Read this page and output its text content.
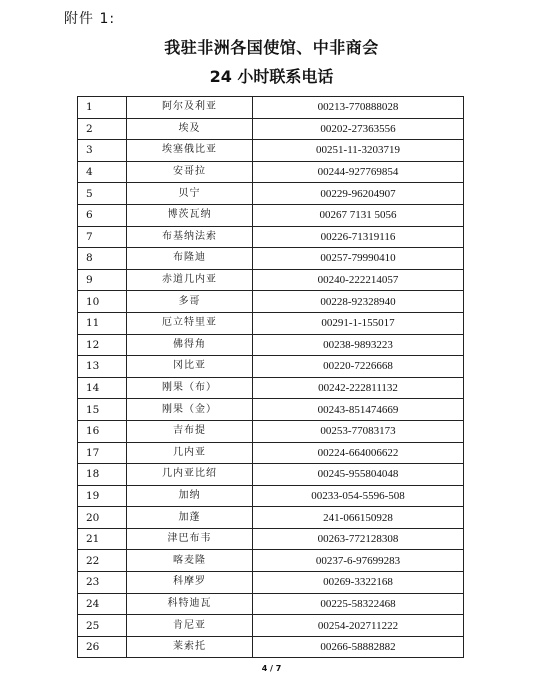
附件 1:
我驻非洲各国使馆、中非商会
24 小时联系电话
1	阿尔及利亚	00213-770888028
2	埃及	00202-27363556
3	埃塞俄比亚	00251-11-3203719
4	安哥拉	00244-927769854
5	贝宁	00229-96204907
6	博茨瓦纳	00267 7131 5056
7	布基纳法索	00226-71319116
8	布隆迪	00257-79990410
9	赤道几内亚	00240-222214057
10	多哥	00228-92328940
11	厄立特里亚	00291-1-155017
12	佛得角	00238-9893223
13	冈比亚	00220-7226668
14	刚果（布）	00242-222811132
15	刚果（金）	00243-851474669
16	吉布提	00253-77083173
17	几内亚	00224-664006622
18	几内亚比绍	00245-955804048
19	加纳	00233-054-5596-508
20	加蓬	241-066150928
21	津巴布韦	00263-772128308
22	喀麦隆	00237-6-97699283
23	科摩罗	00269-3322168
24	科特迪瓦	00225-58322468
25	肯尼亚	00254-202711222
26	莱索托	00266-58882882
4 / 7
